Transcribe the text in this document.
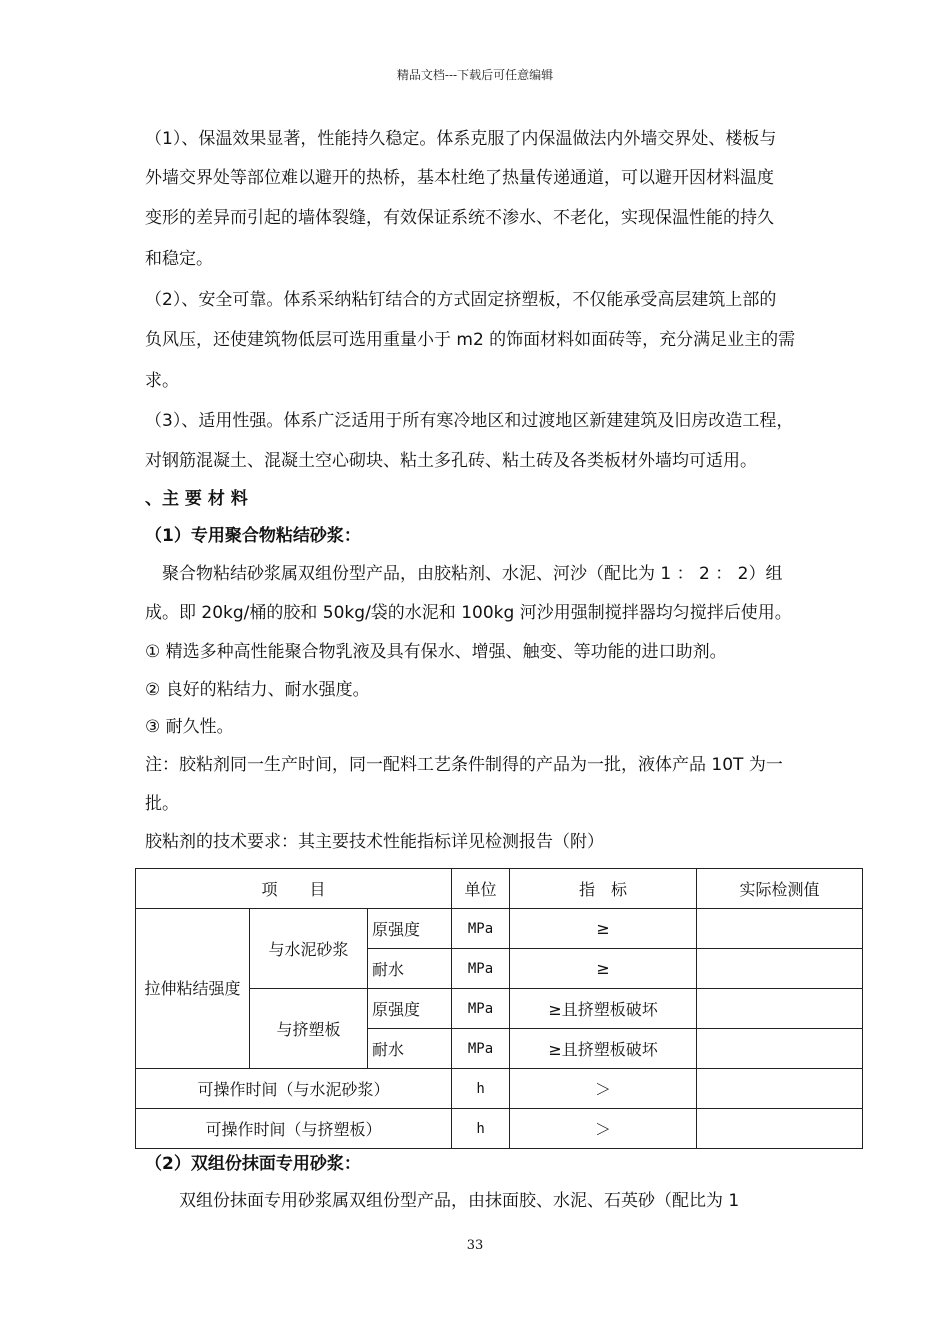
精品文档---下载后可任意编辑
（1）、保温效果显著，性能持久稳定。体系克服了内保温做法内外墙交界处、楼板与
外墙交界处等部位难以避开的热桥，基本杜绝了热量传递通道，可以避开因材料温度
变形的差异而引起的墙体裂缝，有效保证系统不渗水、不老化，实现保温性能的持久
和稳定。
（2）、安全可靠。体系采纳粘钉结合的方式固定挤塑板，不仅能承受高层建筑上部的
负风压，还使建筑物低层可选用重量小于 m2 的饰面材料如面砖等，充分满足业主的需
求。
（3）、适用性强。体系广泛适用于所有寒冷地区和过渡地区新建建筑及旧房改造工程，
对钢筋混凝土、混凝土空心砌块、粘土多孔砖、粘土砖及各类板材外墙均可适用。
、主 要 材 料
（1）专用聚合物粘结砂浆：
　聚合物粘结砂浆属双组份型产品，由胶粘剂、水泥、河沙（配比为 1 ： 2 ： 2）组
成。即 20kg/桶的胶和 50kg/袋的水泥和 100kg 河沙用强制搅拌器均匀搅拌后使用。
① 精选多种高性能聚合物乳液及具有保水、增强、触变、等功能的进口助剂。
② 良好的粘结力、耐水强度。
③ 耐久性。
注：胶粘剂同一生产时间，同一配料工艺条件制得的产品为一批，液体产品 10T 为一
批。
胶粘剂的技术要求：其主要技术性能指标详见检测报告（附）
项　　目			单位	指　标	实际检测值
拉伸粘结强度	与水泥砂浆	原强度	MPa	≥	
		耐水	MPa	≥	
	与挤塑板	原强度	MPa	≥且挤塑板破坏	
		耐水	MPa	≥且挤塑板破坏	
可操作时间（与水泥砂浆）			h	＞	
可操作时间（与挤塑板）			h	＞	
（2）双组份抹面专用砂浆：
　　双组份抹面专用砂浆属双组份型产品，由抹面胶、水泥、石英砂（配比为 1
33
